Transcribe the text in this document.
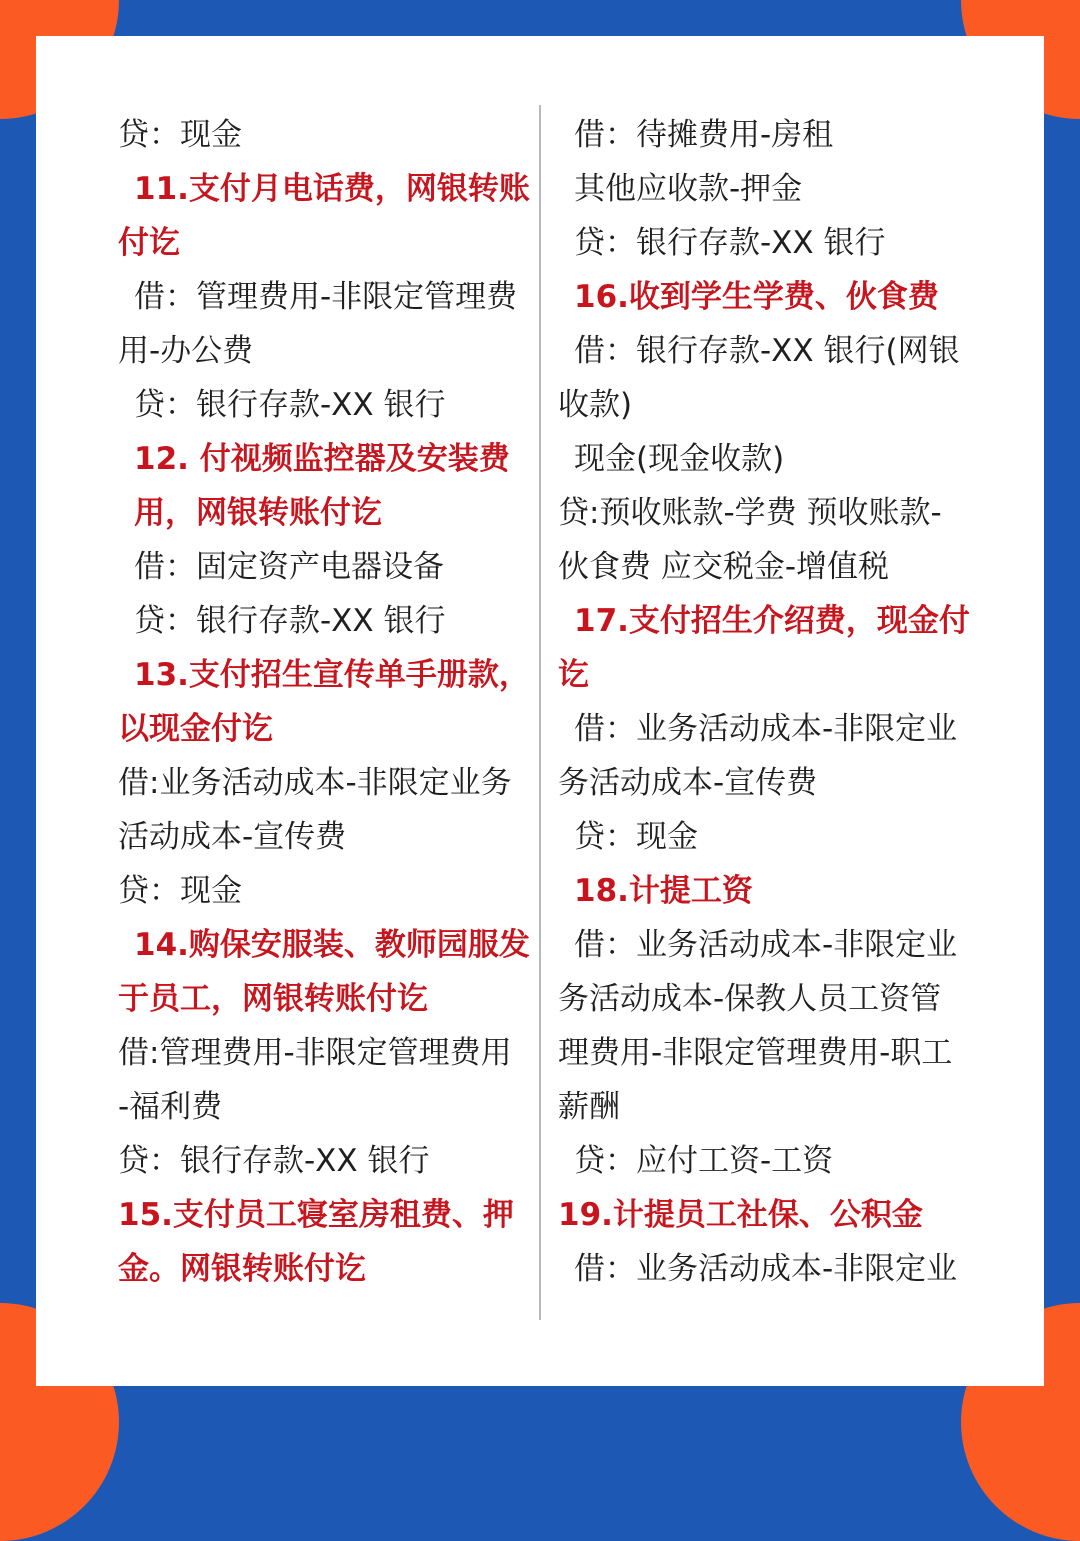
贷：现金
11.支付月电话费，网银转账
付讫
借：管理费用-非限定管理费
用-办公费
贷：银行存款-XX 银行
12. 付视频监控器及安装费
用，网银转账付讫
借：固定资产电器设备
贷：银行存款-XX 银行
13.支付招生宣传单手册款，
以现金付讫
借:业务活动成本-非限定业务
活动成本-宣传费
贷：现金
14.购保安服装、教师园服发
于员工，网银转账付讫
借:管理费用-非限定管理费用
-福利费
贷：银行存款-XX 银行
15.支付员工寝室房租费、押
金。网银转账付讫
借：待摊费用-房租
其他应收款-押金
贷：银行存款-XX 银行
16.收到学生学费、伙食费
借：银行存款-XX 银行(网银
收款)
现金(现金收款)
贷:预收账款-学费 预收账款-
伙食费 应交税金-增值税
17.支付招生介绍费，现金付
讫
借：业务活动成本-非限定业
务活动成本-宣传费
贷：现金
18.计提工资
借：业务活动成本-非限定业
务活动成本-保教人员工资管
理费用-非限定管理费用-职工
薪酬
贷：应付工资-工资
19.计提员工社保、公积金
借：业务活动成本-非限定业
